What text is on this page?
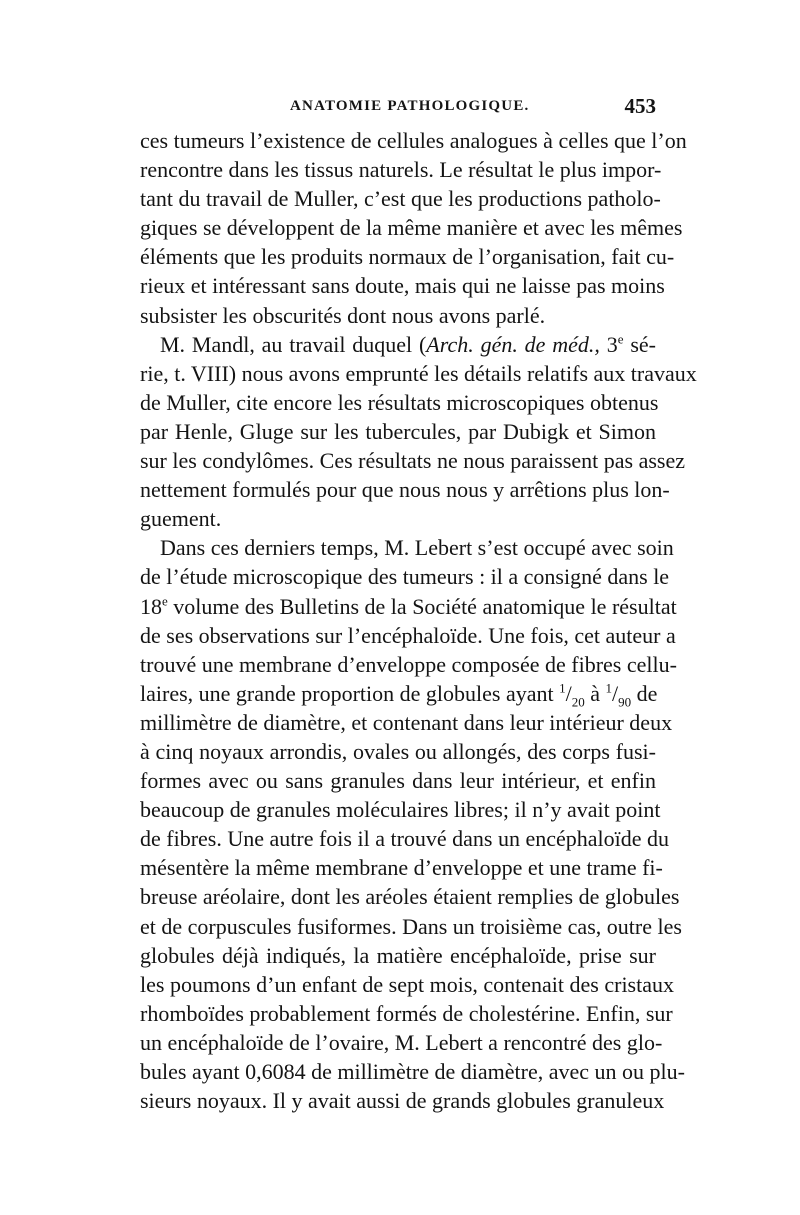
ANATOMIE PATHOLOGIQUE.	453
ces tumeurs l’existence de cellules analogues à celles que l’on
rencontre dans les tissus naturels. Le résultat le plus impor-
tant du travail de Muller, c’est que les productions patholo-
giques se développent de la même manière et avec les mêmes
éléments que les produits normaux de l’organisation, fait cu-
rieux et intéressant sans doute, mais qui ne laisse pas moins
subsister les obscurités dont nous avons parlé.
M. Mandl, au travail duquel (Arch. gén. de méd., 3e sé-
rie, t. VIII) nous avons emprunté les détails relatifs aux travaux
de Muller, cite encore les résultats microscopiques obtenus
par Henle, Gluge sur les tubercules, par Dubigk et Simon
sur les condylômes. Ces résultats ne nous paraissent pas assez
nettement formulés pour que nous nous y arrêtions plus lon-
guement.
Dans ces derniers temps, M. Lebert s’est occupé avec soin
de l’étude microscopique des tumeurs : il a consigné dans le
18e volume des Bulletins de la Société anatomique le résultat
de ses observations sur l’encéphaloïde. Une fois, cet auteur a
trouvé une membrane d’enveloppe composée de fibres cellu-
laires, une grande proportion de globules ayant $^1/_{20}$ à $^1/_{90}$ de
millimètre de diamètre, et contenant dans leur intérieur deux
à cinq noyaux arrondis, ovales ou allongés, des corps fusi-
formes avec ou sans granules dans leur intérieur, et enfin
beaucoup de granules moléculaires libres; il n’y avait point
de fibres. Une autre fois il a trouvé dans un encéphaloïde du
mésentère la même membrane d’enveloppe et une trame fi-
breuse aréolaire, dont les aréoles étaient remplies de globules
et de corpuscules fusiformes. Dans un troisième cas, outre les
globules déjà indiqués, la matière encéphaloïde, prise sur
les poumons d’un enfant de sept mois, contenait des cristaux
rhomboïdes probablement formés de cholestérine. Enfin, sur
un encéphaloïde de l’ovaire, M. Lebert a rencontré des glo-
bules ayant 0,6084 de millimètre de diamètre, avec un ou plu-
sieurs noyaux. Il y avait aussi de grands globules granuleux
